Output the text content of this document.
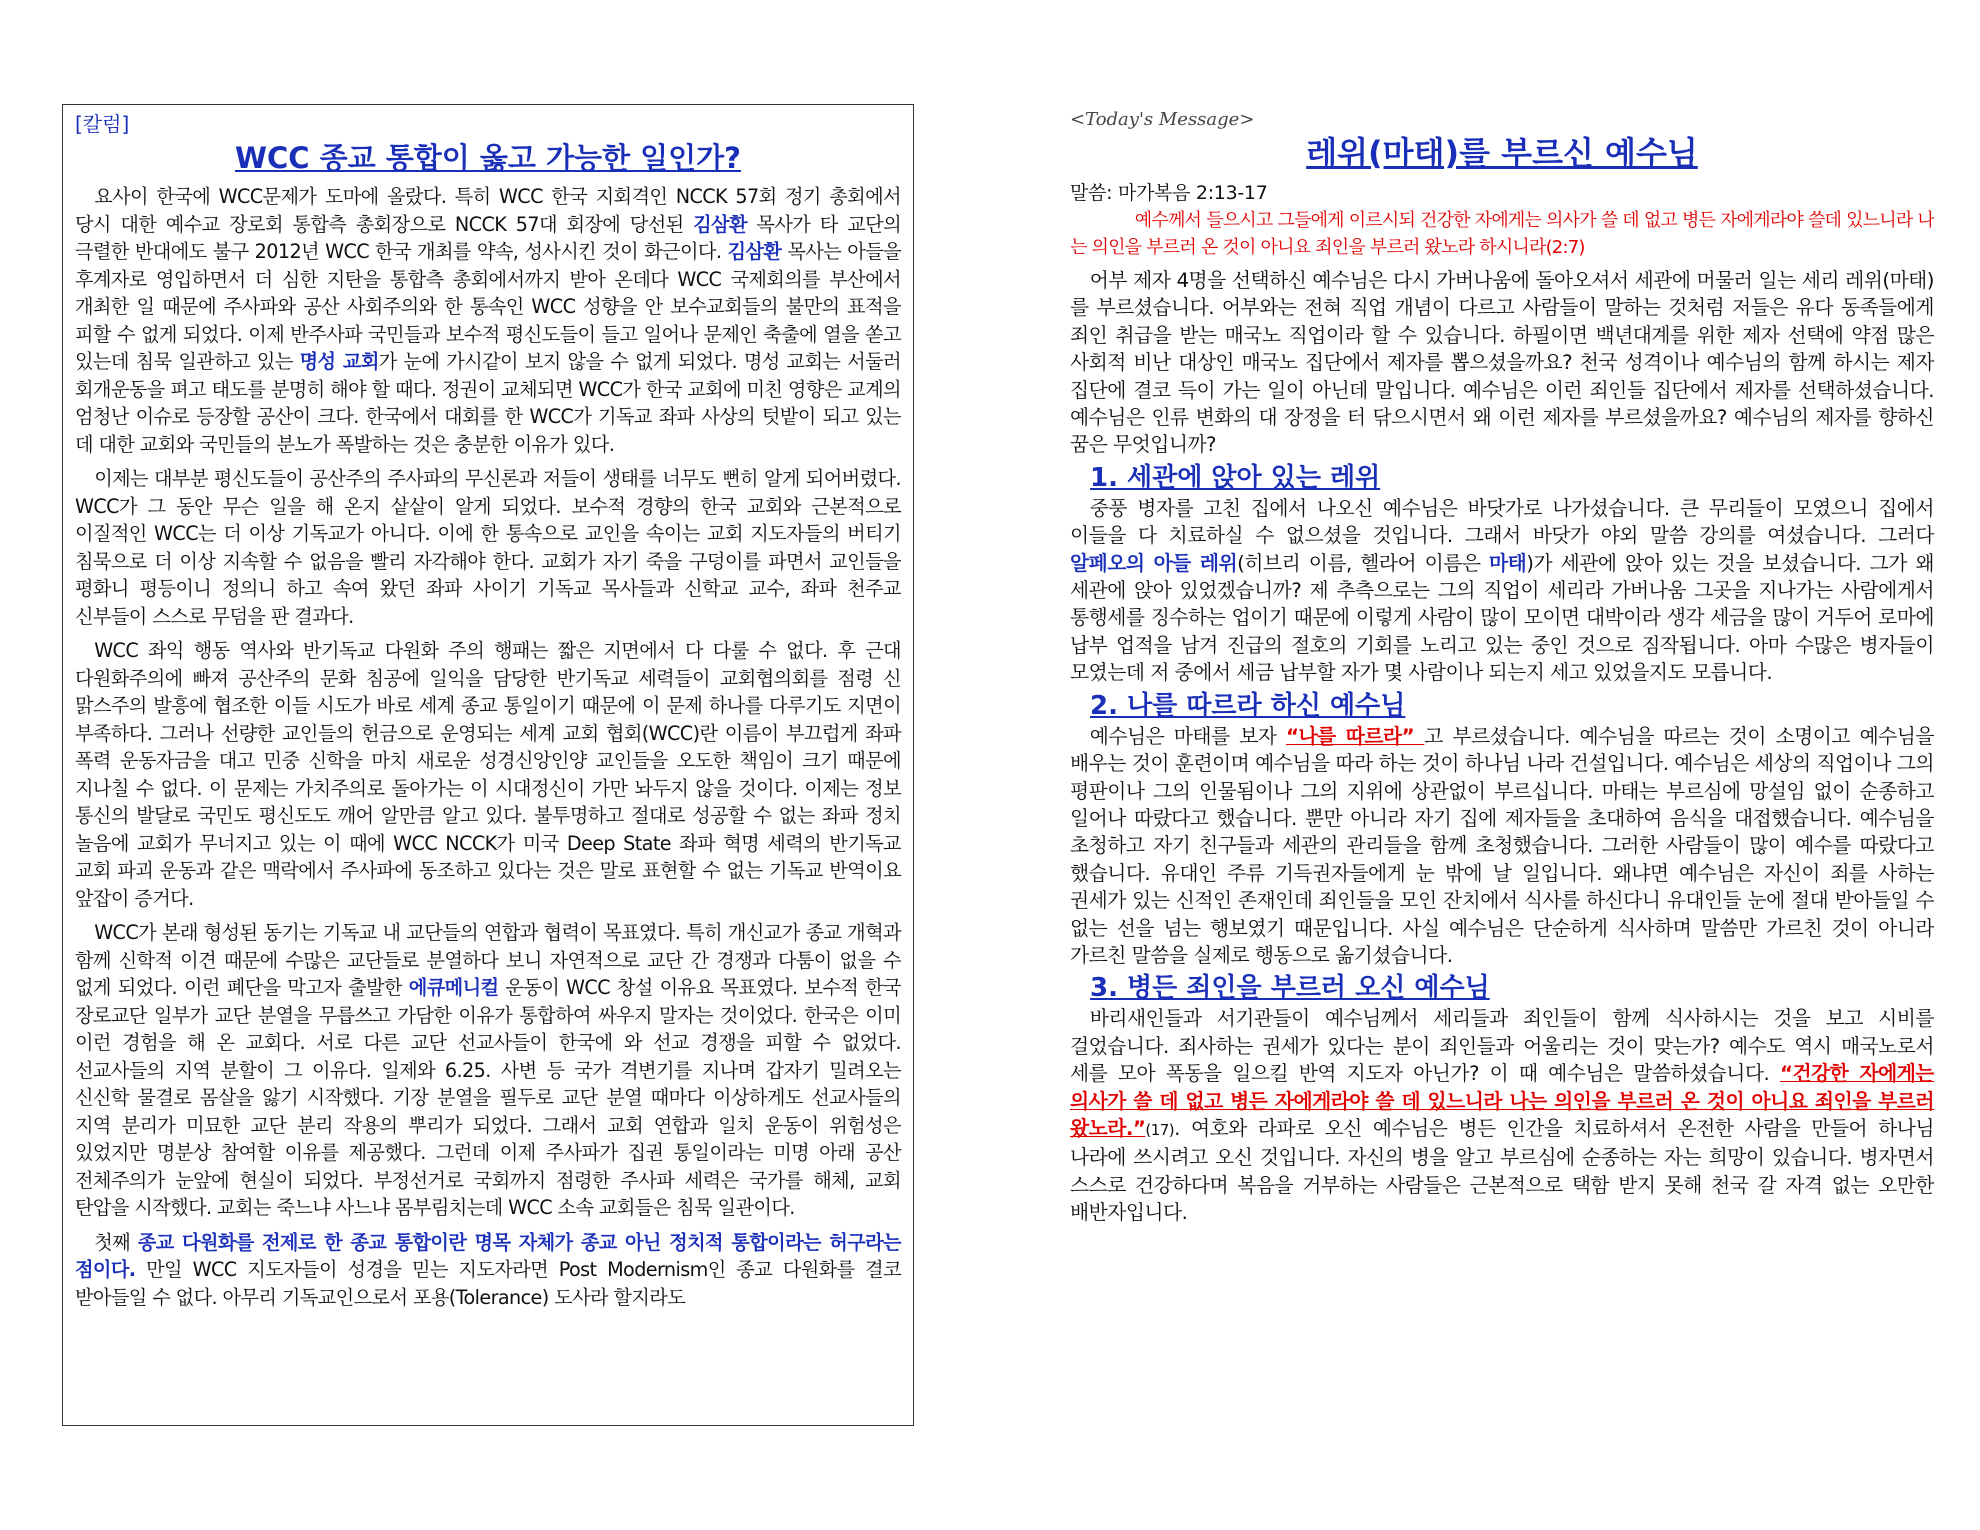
[칼럼]
WCC 종교 통합이 옳고 가능한 일인가?

요사이 한국에 WCC문제가 도마에 올랐다. 특히 WCC 한국 지회격인 NCCK 57회 정기 총회에서 당시 대한 예수교 장로회 통합측 총회장으로 NCCK 57대 회장에 당선된 김삼환 목사가 타 교단의 극렬한 반대에도 불구 2012년 WCC 한국 개최를 약속, 성사시킨 것이 화근이다. 김삼환 목사는 아들을 후계자로 영입하면서 더 심한 지탄을 통합측 총회에서까지 받아 온데다 WCC 국제회의를 부산에서 개최한 일 때문에 주사파와 공산 사회주의와 한 통속인 WCC 성향을 안 보수교회들의 불만의 표적을 피할 수 없게 되었다. 이제 반주사파 국민들과 보수적 평신도들이 들고 일어나 문제인 축출에 열을 쏟고 있는데 침묵 일관하고 있는 명성 교회가 눈에 가시같이 보지 않을 수 없게 되었다. 명성 교회는 서둘러 회개운동을 펴고 태도를 분명히 해야 할 때다. 정권이 교체되면 WCC가 한국 교회에 미친 영향은 교계의 엄청난 이슈로 등장할 공산이 크다. 한국에서 대회를 한 WCC가 기독교 좌파 사상의 텃밭이 되고 있는 데 대한 교회와 국민들의 분노가 폭발하는 것은 충분한 이유가 있다.

이제는 대부분 평신도들이 공산주의 주사파의 무신론과 저들이 생태를 너무도 뻔히 알게 되어버렸다. WCC가 그 동안 무슨 일을 해 온지 샅샅이 알게 되었다. 보수적 경향의 한국 교회와 근본적으로 이질적인 WCC는 더 이상 기독교가 아니다. 이에 한 통속으로 교인을 속이는 교회 지도자들의 버티기 침묵으로 더 이상 지속할 수 없음을 빨리 자각해야 한다. 교회가 자기 죽을 구덩이를 파면서 교인들을 평화니 평등이니 정의니 하고 속여 왔던 좌파 사이기 기독교 목사들과 신학교 교수, 좌파 천주교 신부들이 스스로 무덤을 판 결과다.

WCC 좌익 행동 역사와 반기독교 다원화 주의 행패는 짧은 지면에서 다 다룰 수 없다. 후 근대 다원화주의에 빠져 공산주의 문화 침공에 일익을 담당한 반기독교 세력들이 교회협의회를 점령 신 맑스주의 발흥에 협조한 이들 시도가 바로 세계 종교 통일이기 때문에 이 문제 하나를 다루기도 지면이 부족하다. 그러나 선량한 교인들의 헌금으로 운영되는 세계 교회 협회(WCC)란 이름이 부끄럽게 좌파 폭력 운동자금을 대고 민중 신학을 마치 새로운 성경신앙인양 교인들을 오도한 책임이 크기 때문에 지나칠 수 없다. 이 문제는 가치주의로 돌아가는 이 시대정신이 가만 놔두지 않을 것이다. 이제는 정보 통신의 발달로 국민도 평신도도 깨어 알만큼 알고 있다. 불투명하고 절대로 성공할 수 없는 좌파 정치 놀음에 교회가 무너지고 있는 이 때에 WCC NCCK가 미국 Deep State 좌파 혁명 세력의 반기독교 교회 파괴 운동과 같은 맥락에서 주사파에 동조하고 있다는 것은 말로 표현할 수 없는 기독교 반역이요 앞잡이 증거다.

WCC가 본래 형성된 동기는 기독교 내 교단들의 연합과 협력이 목표였다. 특히 개신교가 종교 개혁과 함께 신학적 이견 때문에 수많은 교단들로 분열하다 보니 자연적으로 교단 간 경쟁과 다툼이 없을 수 없게 되었다. 이런 폐단을 막고자 출발한 에큐메니컬 운동이 WCC 창설 이유요 목표였다. 보수적 한국 장로교단 일부가 교단 분열을 무릅쓰고 가담한 이유가 통합하여 싸우지 말자는 것이었다. 한국은 이미 이런 경험을 해 온 교회다. 서로 다른 교단 선교사들이 한국에 와 선교 경쟁을 피할 수 없었다. 선교사들의 지역 분할이 그 이유다. 일제와 6.25. 사변 등 국가 격변기를 지나며 갑자기 밀려오는 신신학 물결로 몸살을 앓기 시작했다. 기장 분열을 필두로 교단 분열 때마다 이상하게도 선교사들의 지역 분리가 미묘한 교단 분리 작용의 뿌리가 되었다. 그래서 교회 연합과 일치 운동이 위험성은 있었지만 명분상 참여할 이유를 제공했다. 그런데 이제 주사파가 집권 통일이라는 미명 아래 공산 전체주의가 눈앞에 현실이 되었다. 부정선거로 국회까지 점령한 주사파 세력은 국가를 해체, 교회 탄압을 시작했다. 교회는 죽느냐 사느냐 몸부림치는데 WCC 소속 교회들은 침묵 일관이다.

첫째 종교 다원화를 전제로 한 종교 통합이란 명목 자체가 종교 아닌 정치적 통합이라는 허구라는 점이다. 만일 WCC 지도자들이 성경을 믿는 지도자라면 Post Modernism인 종교 다원화를 결코 받아들일 수 없다. 아무리 기독교인으로서 포용(Tolerance) 도사라 할지라도

<Today's Message>
레위(마태)를 부르신 예수님
말씀: 마가복음 2:13-17

예수께서 들으시고 그들에게 이르시되 건강한 자에게는 의사가 쓸 데 없고 병든 자에게라야 쓸데 있느니라 나는 의인을 부르러 온 것이 아니요 죄인을 부르러 왔노라 하시니라(2:7)

어부 제자 4명을 선택하신 예수님은 다시 가버나움에 돌아오셔서 세관에 머물러 일는 세리 레위(마태)를 부르셨습니다. 어부와는 전혀 직업 개념이 다르고 사람들이 말하는 것처럼 저들은 유다 동족들에게 죄인 취급을 받는 매국노 직업이라 할 수 있습니다. 하필이면 백년대계를 위한 제자 선택에 약점 많은 사회적 비난 대상인 매국노 집단에서 제자를 뽑으셨을까요? 천국 성격이나 예수님의 함께 하시는 제자 집단에 결코 득이 가는 일이 아닌데 말입니다. 예수님은 이런 죄인들 집단에서 제자를 선택하셨습니다. 예수님은 인류 변화의 대 장정을 터 닦으시면서 왜 이런 제자를 부르셨을까요? 예수님의 제자를 향하신 꿈은 무엇입니까?

1. 세관에 앉아 있는 레위

중풍 병자를 고친 집에서 나오신 예수님은 바닷가로 나가셨습니다. 큰 무리들이 모였으니 집에서 이들을 다 치료하실 수 없으셨을 것입니다. 그래서 바닷가 야외 말씀 강의를 여셨습니다. 그러다 알페오의 아들 레위(히브리 이름, 헬라어 이름은 마태)가 세관에 앉아 있는 것을 보셨습니다. 그가 왜 세관에 앉아 있었겠습니까? 제 추측으로는 그의 직업이 세리라 가버나움 그곳을 지나가는 사람에게서 통행세를 징수하는 업이기 때문에 이렇게 사람이 많이 모이면 대박이라 생각 세금을 많이 거두어 로마에 납부 업적을 남겨 진급의 절호의 기회를 노리고 있는 중인 것으로 짐작됩니다. 아마 수많은 병자들이 모였는데 저 중에서 세금 납부할 자가 몇 사람이나 되는지 세고 있었을지도 모릅니다.

2. 나를 따르라 하신 예수님

예수님은 마태를 보자 “나를 따르라” 고 부르셨습니다. 예수님을 따르는 것이 소명이고 예수님을 배우는 것이 훈련이며 예수님을 따라 하는 것이 하나님 나라 건설입니다. 예수님은 세상의 직업이나 그의 평판이나 그의 인물됨이나 그의 지위에 상관없이 부르십니다. 마태는 부르심에 망설임 없이 순종하고 일어나 따랐다고 했습니다. 뿐만 아니라 자기 집에 제자들을 초대하여 음식을 대접했습니다. 예수님을 초청하고 자기 친구들과 세관의 관리들을 함께 초청했습니다. 그러한 사람들이 많이 예수를 따랐다고 했습니다. 유대인 주류 기득권자들에게 눈 밖에 날 일입니다. 왜냐면 예수님은 자신이 죄를 사하는 권세가 있는 신적인 존재인데 죄인들을 모인 잔치에서 식사를 하신다니 유대인들 눈에 절대 받아들일 수 없는 선을 넘는 행보였기 때문입니다. 사실 예수님은 단순하게 식사하며 말씀만 가르친 것이 아니라 가르친 말씀을 실제로 행동으로 옮기셨습니다.

3. 병든 죄인을 부르러 오신 예수님

바리새인들과 서기관들이 예수님께서 세리들과 죄인들이 함께 식사하시는 것을 보고 시비를 걸었습니다. 죄사하는 권세가 있다는 분이 죄인들과 어울리는 것이 맞는가? 예수도 역시 매국노로서 세를 모아 폭동을 일으킬 반역 지도자 아닌가? 이 때 예수님은 말씀하셨습니다. “건강한 자에게는 의사가 쓸 데 없고 병든 자에게라야 쓸 데 있느니라 나는 의인을 부르러 온 것이 아니요 죄인을 부르러 왔노라.”(17). 여호와 라파로 오신 예수님은 병든 인간을 치료하셔서 온전한 사람을 만들어 하나님 나라에 쓰시려고 오신 것입니다. 자신의 병을 알고 부르심에 순종하는 자는 희망이 있습니다. 병자면서 스스로 건강하다며 복음을 거부하는 사람들은 근본적으로 택함 받지 못해 천국 갈 자격 없는 오만한 배반자입니다.
